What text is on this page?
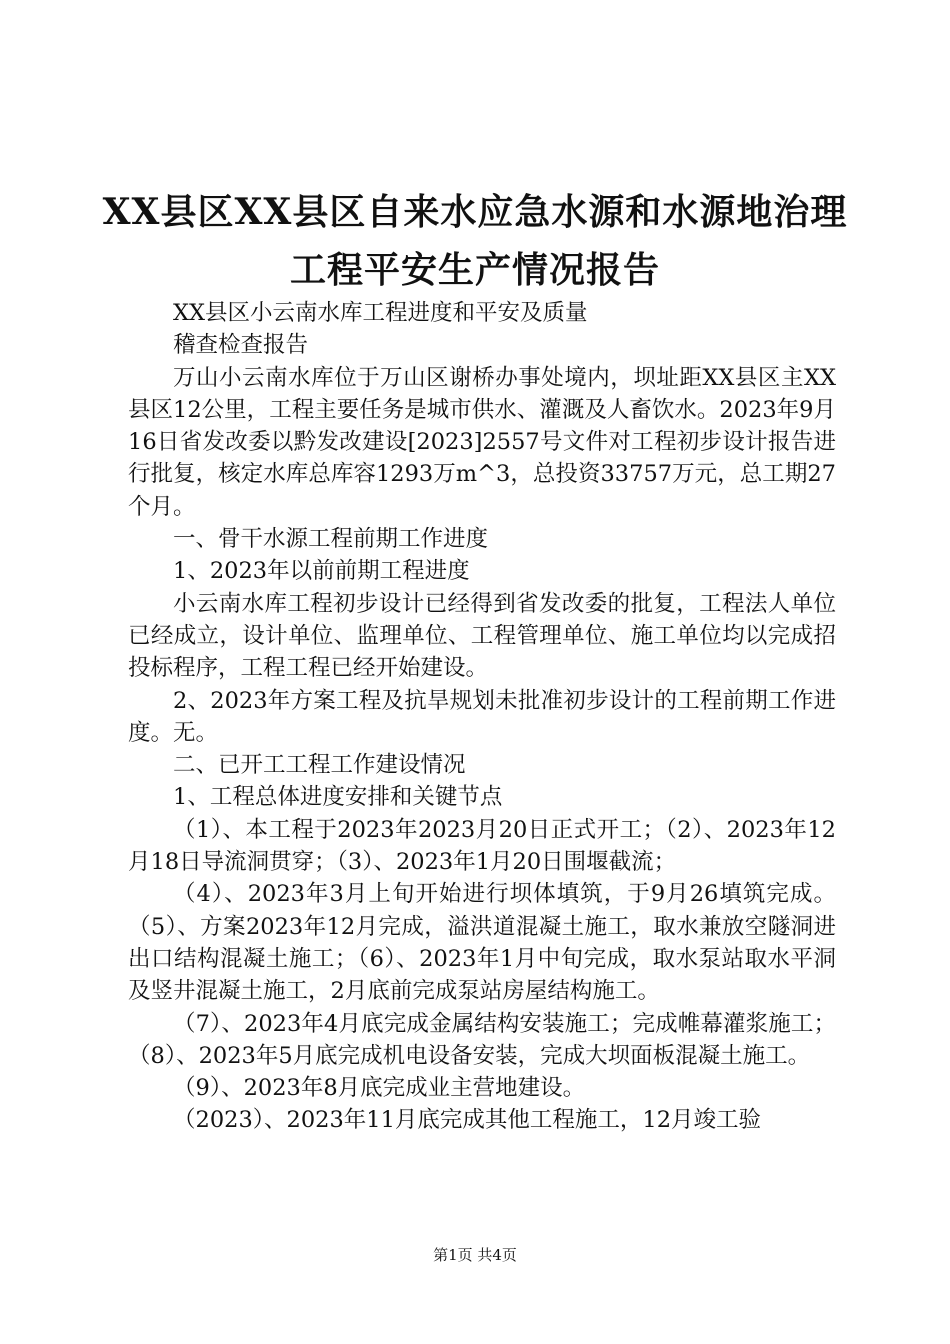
XX县区XX县区自来水应急水源和水源地治理
工程平安生产情况报告

XX县区小云南水库工程进度和平安及质量

稽查检查报告

万山小云南水库位于万山区谢桥办事处境内，坝址距XX县区主XX县区12公里，工程主要任务是城市供水、灌溉及人畜饮水。2023年9月16日省发改委以黔发改建设[2023]2557号文件对工程初步设计报告进行批复，核定水库总库容1293万m^3，总投资33757万元，总工期27个月。

一、骨干水源工程前期工作进度

1、2023年以前前期工程进度

小云南水库工程初步设计已经得到省发改委的批复，工程法人单位已经成立，设计单位、监理单位、工程管理单位、施工单位均以完成招投标程序，工程工程已经开始建设。

2、2023年方案工程及抗旱规划未批准初步设计的工程前期工作进度。无。

二、已开工工程工作建设情况

1、工程总体进度安排和关键节点

（1）、本工程于2023年2023月20日正式开工；（2）、2023年12月18日导流洞贯穿；（3）、2023年1月20日围堰截流；

（4）、2023年3月上旬开始进行坝体填筑，于9月26填筑完成。（5）、方案2023年12月完成，溢洪道混凝土施工，取水兼放空隧洞进出口结构混凝土施工；（6）、2023年1月中旬完成，取水泵站取水平洞及竖井混凝土施工，2月底前完成泵站房屋结构施工。

（7）、2023年4月底完成金属结构安装施工；完成帷幕灌浆施工；（8）、2023年5月底完成机电设备安装，完成大坝面板混凝土施工。

（9）、2023年8月底完成业主营地建设。

（2023）、2023年11月底完成其他工程施工，12月竣工验

第1页 共4页
